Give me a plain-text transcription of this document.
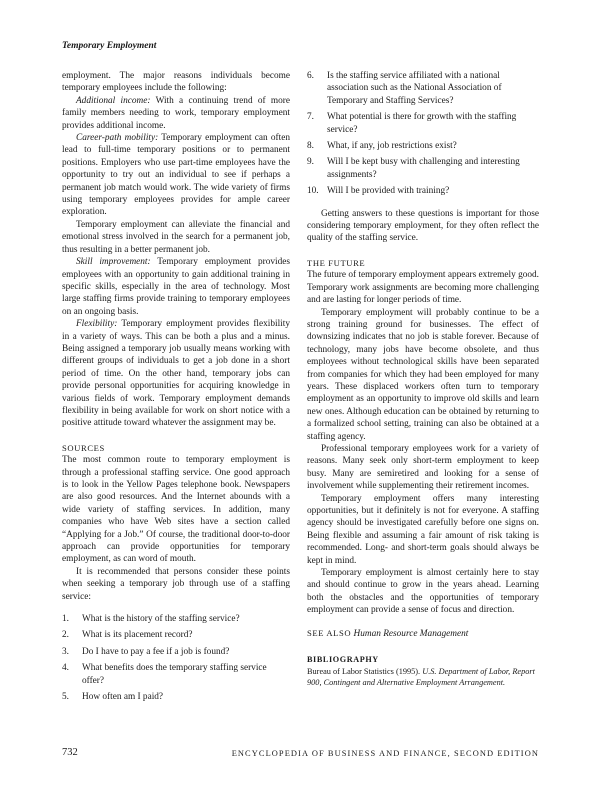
Temporary Employment

employment. The major reasons individuals become temporary employees include the following:

Additional income: With a continuing trend of more family members needing to work, temporary employment provides additional income.

Career-path mobility: Temporary employment can often lead to full-time temporary positions or to permanent positions. Employers who use part-time employees have the opportunity to try out an individual to see if perhaps a permanent job match would work. The wide variety of firms using temporary employees provides for ample career exploration.

Temporary employment can alleviate the financial and emotional stress involved in the search for a permanent job, thus resulting in a better permanent job.

Skill improvement: Temporary employment provides employees with an opportunity to gain additional training in specific skills, especially in the area of technology. Most large staffing firms provide training to temporary employees on an ongoing basis.

Flexibility: Temporary employment provides flexibility in a variety of ways. This can be both a plus and a minus. Being assigned a temporary job usually means working with different groups of individuals to get a job done in a short period of time. On the other hand, temporary jobs can provide personal opportunities for acquiring knowledge in various fields of work. Temporary employment demands flexibility in being available for work on short notice with a positive attitude toward whatever the assignment may be.

SOURCES

The most common route to temporary employment is through a professional staffing service. One good approach is to look in the Yellow Pages telephone book. Newspapers are also good resources. And the Internet abounds with a wide variety of staffing services. In addition, many companies who have Web sites have a section called “Applying for a Job.” Of course, the traditional door-to-door approach can provide opportunities for temporary employment, as can word of mouth.

It is recommended that persons consider these points when seeking a temporary job through use of a staffing service:

1.	What is the history of the staffing service?
2.	What is its placement record?
3.	Do I have to pay a fee if a job is found?
4.	What benefits does the temporary staffing service offer?
5.	How often am I paid?
6.	Is the staffing service affiliated with a national association such as the National Association of Temporary and Staffing Services?
7.	What potential is there for growth with the staffing service?
8.	What, if any, job restrictions exist?
9.	Will I be kept busy with challenging and interesting assignments?
10. Will I be provided with training?

Getting answers to these questions is important for those considering temporary employment, for they often reflect the quality of the staffing service.

THE FUTURE

The future of temporary employment appears extremely good. Temporary work assignments are becoming more challenging and are lasting for longer periods of time.

Temporary employment will probably continue to be a strong training ground for businesses. The effect of downsizing indicates that no job is stable forever. Because of technology, many jobs have become obsolete, and thus employees without technological skills have been separated from companies for which they had been employed for many years. These displaced workers often turn to temporary employment as an opportunity to improve old skills and learn new ones. Although education can be obtained by returning to a formalized school setting, training can also be obtained at a staffing agency.

Professional temporary employees work for a variety of reasons. Many seek only short-term employment to keep busy. Many are semiretired and looking for a sense of involvement while supplementing their retirement incomes.

Temporary employment offers many interesting opportunities, but it definitely is not for everyone. A staffing agency should be investigated carefully before one signs on. Being flexible and assuming a fair amount of risk taking is recommended. Long- and short-term goals should always be kept in mind.

Temporary employment is almost certainly here to stay and should continue to grow in the years ahead. Learning both the obstacles and the opportunities of temporary employment can provide a sense of focus and direction.

SEE ALSO Human Resource Management

BIBLIOGRAPHY

Bureau of Labor Statistics (1995). U.S. Department of Labor, Report 900, Contingent and Alternative Employment Arrangement.

732	ENCYCLOPEDIA OF BUSINESS AND FINANCE, SECOND EDITION
